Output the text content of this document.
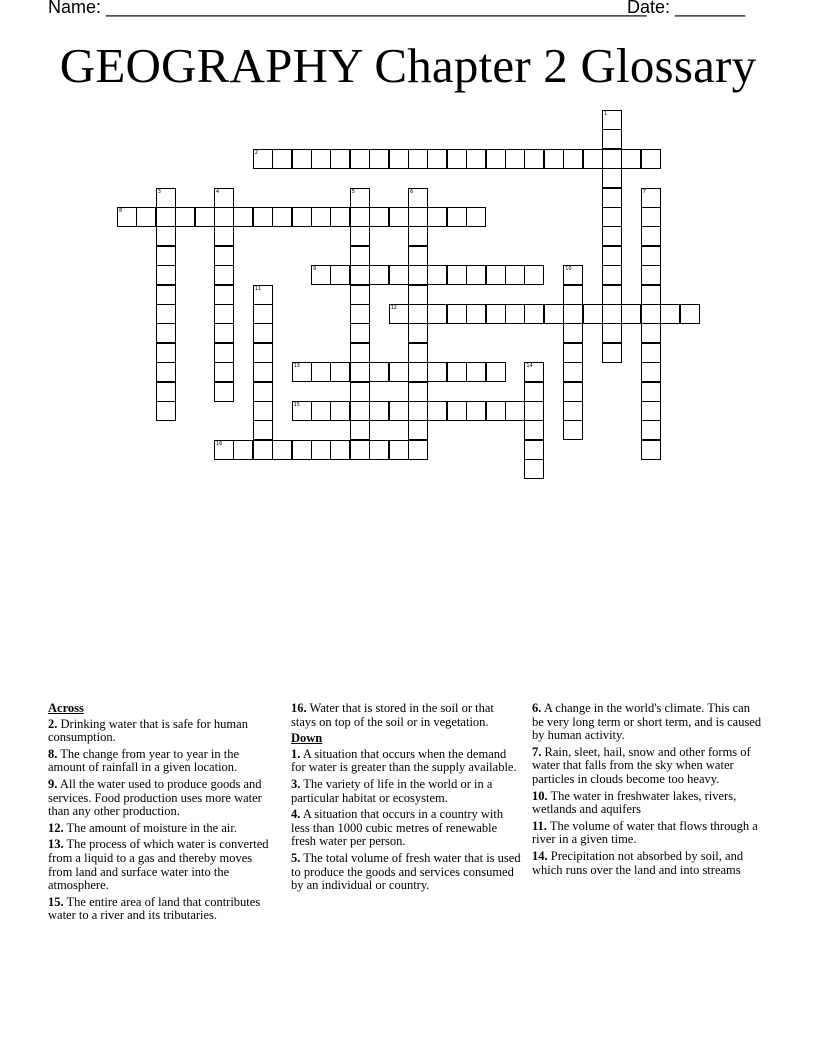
Name: ______________________________________________________
Date: _______
GEOGRAPHY Chapter 2 Glossary
1
2
3	4	5	6	7
8
9	10
11
12
13	14
15
16
Across
2. Drinking water that is safe for human consumption.
8. The change from year to year in the amount of rainfall in a given location.
9. All the water used to produce goods and services. Food production uses more water than any other production.
12. The amount of moisture in the air.
13. The process of which water is converted from a liquid to a gas and thereby moves from land and surface water into the atmosphere.
15. The entire area of land that contributes water to a river and its tributaries.
16. Water that is stored in the soil or that stays on top of the soil or in vegetation.
Down
1. A situation that occurs when the demand for water is greater than the supply available.
3. The variety of life in the world or in a particular habitat or ecosystem.
4. A situation that occurs in a country with less than 1000 cubic metres of renewable fresh water per person.
5. The total volume of fresh water that is used to produce the goods and services consumed by an individual or country.
6. A change in the world's climate. This can be very long term or short term, and is caused by human activity.
7. Rain, sleet, hail, snow and other forms of water that falls from the sky when water particles in clouds become too heavy.
10. The water in freshwater lakes, rivers, wetlands and aquifers
11. The volume of water that flows through a river in a given time.
14. Precipitation not absorbed by soil, and which runs over the land and into streams
